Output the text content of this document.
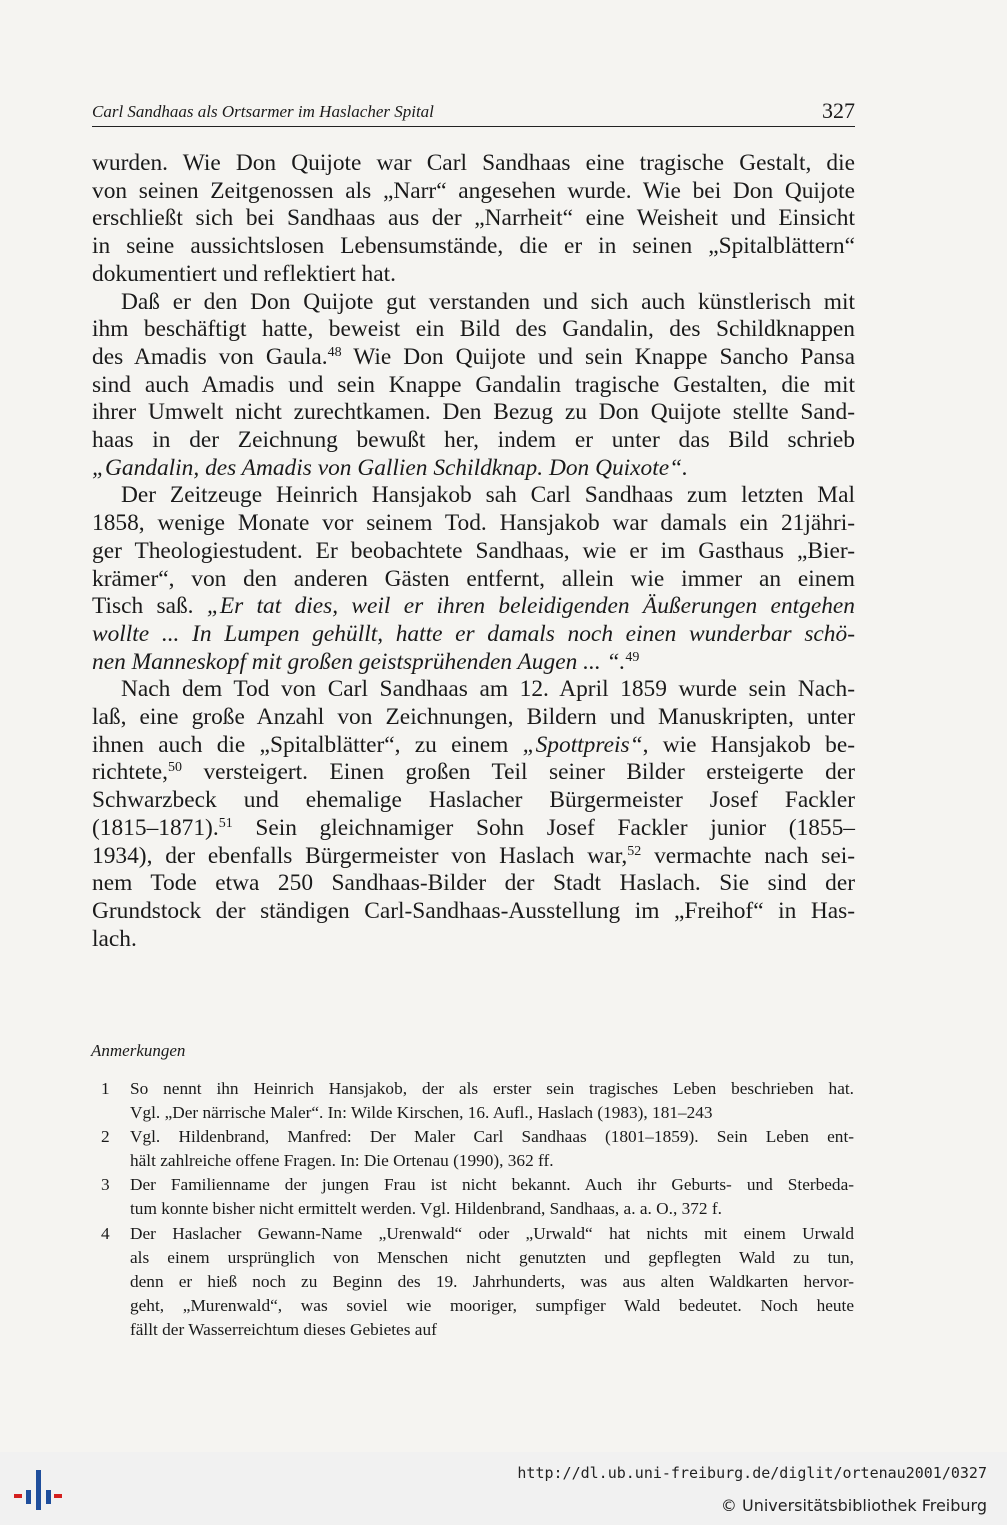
Carl Sandhaas als Ortsarmer im Haslacher Spital	327

wurden. Wie Don Quijote war Carl Sandhaas eine tragische Gestalt, die
von seinen Zeitgenossen als „Narr“ angesehen wurde. Wie bei Don Quijote
erschließt sich bei Sandhaas aus der „Narrheit“ eine Weisheit und Einsicht
in seine aussichtslosen Lebensumstände, die er in seinen „Spitalblättern“
dokumentiert und reflektiert hat.

Daß er den Don Quijote gut verstanden und sich auch künstlerisch mit
ihm beschäftigt hatte, beweist ein Bild des Gandalin, des Schildknappen
des Amadis von Gaula.$^{48}$ Wie Don Quijote und sein Knappe Sancho Pansa
sind auch Amadis und sein Knappe Gandalin tragische Gestalten, die mit
ihrer Umwelt nicht zurechtkamen. Den Bezug zu Don Quijote stellte Sand-
haas in der Zeichnung bewußt her, indem er unter das Bild schrieb
„Gandalin, des Amadis von Gallien Schildknap. Don Quixote“.

Der Zeitzeuge Heinrich Hansjakob sah Carl Sandhaas zum letzten Mal
1858, wenige Monate vor seinem Tod. Hansjakob war damals ein 21jähri-
ger Theologiestudent. Er beobachtete Sandhaas, wie er im Gasthaus „Bier-
krämer“, von den anderen Gästen entfernt, allein wie immer an einem
Tisch saß. „Er tat dies, weil er ihren beleidigenden Äußerungen entgehen
wollte ... In Lumpen gehüllt, hatte er damals noch einen wunderbar schö-
nen Manneskopf mit großen geistsprühenden Augen ... “.$^{49}$

Nach dem Tod von Carl Sandhaas am 12. April 1859 wurde sein Nach-
laß, eine große Anzahl von Zeichnungen, Bildern und Manuskripten, unter
ihnen auch die „Spitalblätter“, zu einem „Spottpreis“, wie Hansjakob be-
richtete,$^{50}$ versteigert. Einen großen Teil seiner Bilder ersteigerte der
Schwarzbeck und ehemalige Haslacher Bürgermeister Josef Fackler
(1815–1871).$^{51}$ Sein gleichnamiger Sohn Josef Fackler junior (1855–
1934), der ebenfalls Bürgermeister von Haslach war,$^{52}$ vermachte nach sei-
nem Tode etwa 250 Sandhaas-Bilder der Stadt Haslach. Sie sind der
Grundstock der ständigen Carl-Sandhaas-Ausstellung im „Freihof“ in Has-
lach.

Anmerkungen

1 So nennt ihn Heinrich Hansjakob, der als erster sein tragisches Leben beschrieben hat.
Vgl. „Der närrische Maler“. In: Wilde Kirschen, 16. Aufl., Haslach (1983), 181–243

2 Vgl. Hildenbrand, Manfred: Der Maler Carl Sandhaas (1801–1859). Sein Leben ent-
hält zahlreiche offene Fragen. In: Die Ortenau (1990), 362 ff.

3 Der Familienname der jungen Frau ist nicht bekannt. Auch ihr Geburts- und Sterbeda-
tum konnte bisher nicht ermittelt werden. Vgl. Hildenbrand, Sandhaas, a. a. O., 372 f.

4 Der Haslacher Gewann-Name „Urenwald“ oder „Urwald“ hat nichts mit einem Urwald
als einem ursprünglich von Menschen nicht genutzten und gepflegten Wald zu tun,
denn er hieß noch zu Beginn des 19. Jahrhunderts, was aus alten Waldkarten hervor-
geht, „Murenwald“, was soviel wie mooriger, sumpfiger Wald bedeutet. Noch heute
fällt der Wasserreichtum dieses Gebietes auf

http://dl.ub.uni-freiburg.de/diglit/ortenau2001/0327
© Universitätsbibliothek Freiburg
